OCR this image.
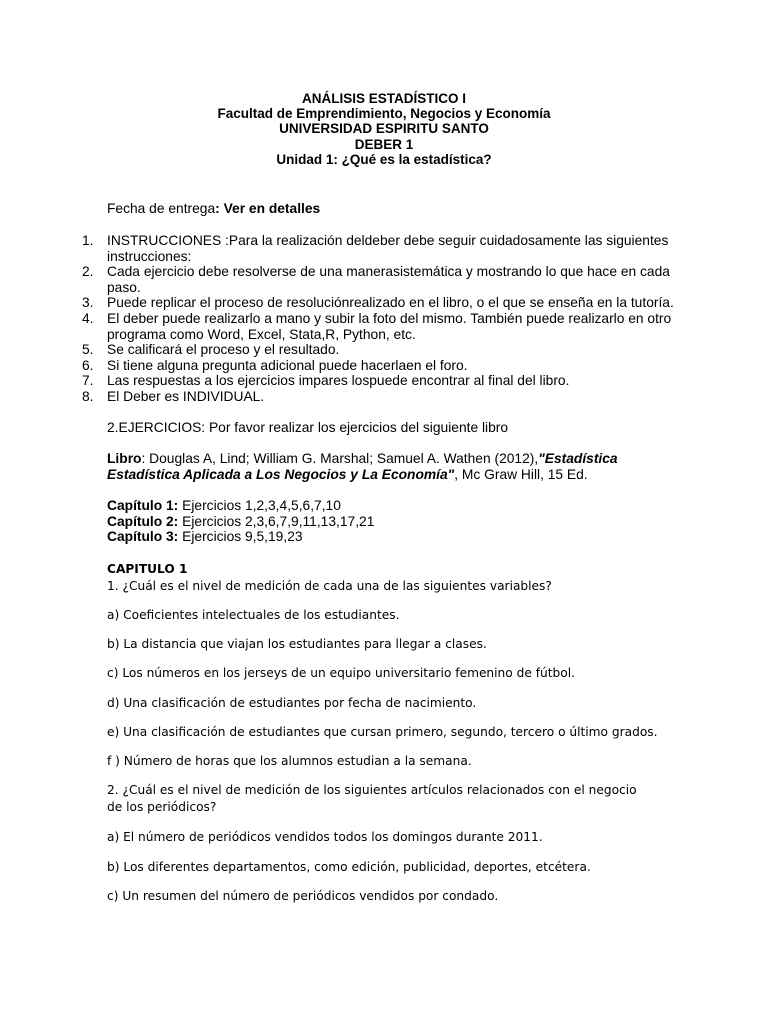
ANÁLISIS ESTADÍSTICO I
Facultad de Emprendimiento, Negocios y Economía
UNIVERSIDAD ESPIRITU SANTO
DEBER 1
Unidad 1: ¿Qué es la estadística?
Fecha de entrega: Ver en detalles
1. INSTRUCCIONES :Para la realización deldeber debe seguir cuidadosamente las siguientes instrucciones:
2. Cada ejercicio debe resolverse de una manerasistemática y mostrando lo que hace en cada paso.
3. Puede replicar el proceso de resoluciónrealizado en el libro, o el que se enseña en la tutoría.
4. El deber puede realizarlo a mano y subir la foto del mismo. También puede realizarlo en otro programa como Word, Excel, Stata,R, Python, etc.
5. Se calificará el proceso y el resultado.
6. Si tiene alguna pregunta adicional puede hacerlaen el foro.
7. Las respuestas a los ejercicios impares lospuede encontrar al final del libro.
8. El Deber es INDIVIDUAL.
2.EJERCICIOS: Por favor realizar los ejercicios del siguiente libro
Libro: Douglas A, Lind; William G. Marshal; Samuel A. Wathen (2012),"Estadística
Estadística Aplicada a Los Negocios y La Economía", Mc Graw Hill, 15 Ed.
Capítulo 1: Ejercicios 1,2,3,4,5,6,7,10
Capítulo 2: Ejercicios 2,3,6,7,9,11,13,17,21
Capítulo 3: Ejercicios 9,5,19,23
CAPITULO 1
1. ¿Cuál es el nivel de medición de cada una de las siguientes variables?
a) Coeficientes intelectuales de los estudiantes.
b) La distancia que viajan los estudiantes para llegar a clases.
c) Los números en los jerseys de un equipo universitario femenino de fútbol.
d) Una clasificación de estudiantes por fecha de nacimiento.
e) Una clasificación de estudiantes que cursan primero, segundo, tercero o último grados.
f ) Número de horas que los alumnos estudian a la semana.
2. ¿Cuál es el nivel de medición de los siguientes artículos relacionados con el negocio de los periódicos?
a) El número de periódicos vendidos todos los domingos durante 2011.
b) Los diferentes departamentos, como edición, publicidad, deportes, etcétera.
c) Un resumen del número de periódicos vendidos por condado.
